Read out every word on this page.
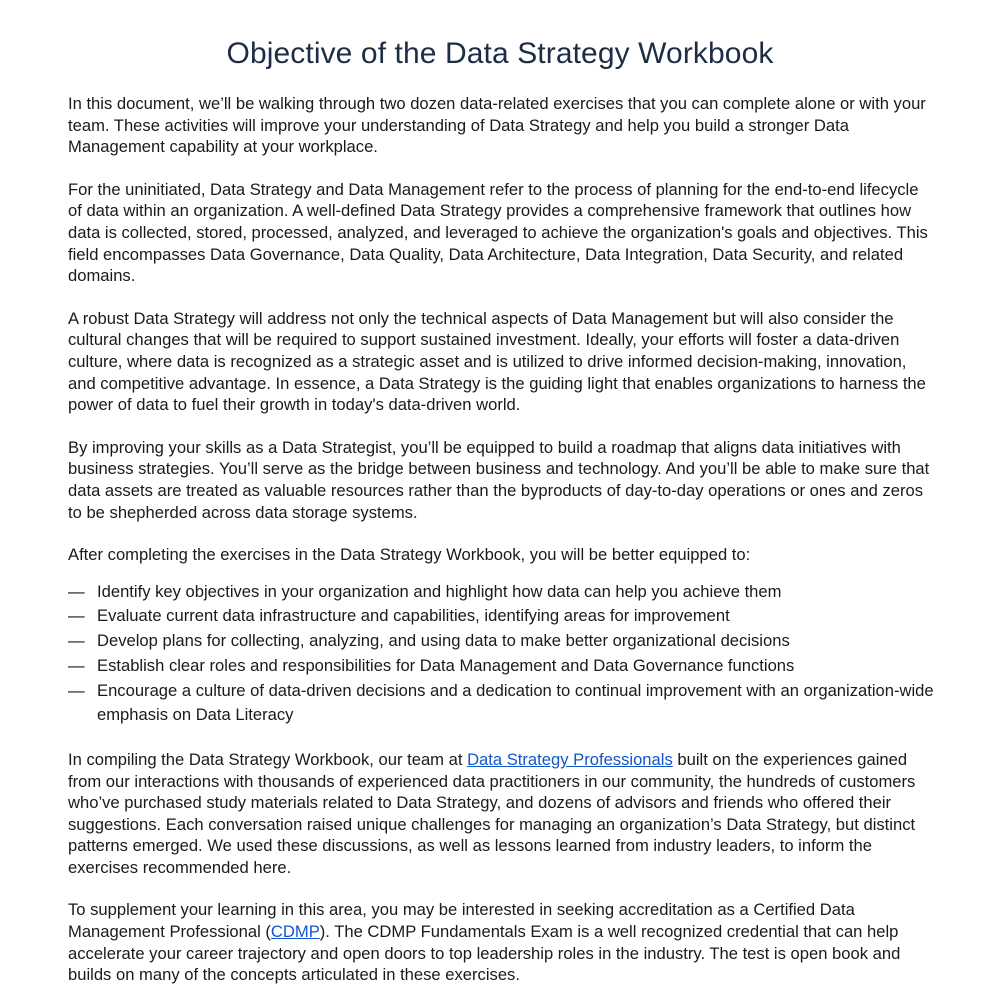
Objective of the Data Strategy Workbook

In this document, we’ll be walking through two dozen data-related exercises that you can complete alone or with your team. These activities will improve your understanding of Data Strategy and help you build a stronger Data Management capability at your workplace.

For the uninitiated, Data Strategy and Data Management refer to the process of planning for the end-to-end lifecycle of data within an organization. A well-defined Data Strategy provides a comprehensive framework that outlines how data is collected, stored, processed, analyzed, and leveraged to achieve the organization's goals and objectives. This field encompasses Data Governance, Data Quality, Data Architecture, Data Integration, Data Security, and related domains.

A robust Data Strategy will address not only the technical aspects of Data Management but will also consider the cultural changes that will be required to support sustained investment. Ideally, your efforts will foster a data-driven culture, where data is recognized as a strategic asset and is utilized to drive informed decision-making, innovation, and competitive advantage. In essence, a Data Strategy is the guiding light that enables organizations to harness the power of data to fuel their growth in today's data-driven world.

By improving your skills as a Data Strategist, you’ll be equipped to build a roadmap that aligns data initiatives with business strategies. You’ll serve as the bridge between business and technology. And you’ll be able to make sure that data assets are treated as valuable resources rather than the byproducts of day-to-day operations or ones and zeros to be shepherded across data storage systems.

After completing the exercises in the Data Strategy Workbook, you will be better equipped to:

— Identify key objectives in your organization and highlight how data can help you achieve them
— Evaluate current data infrastructure and capabilities, identifying areas for improvement
— Develop plans for collecting, analyzing, and using data to make better organizational decisions
— Establish clear roles and responsibilities for Data Management and Data Governance functions
— Encourage a culture of data-driven decisions and a dedication to continual improvement with an organization-wide emphasis on Data Literacy

In compiling the Data Strategy Workbook, our team at Data Strategy Professionals built on the experiences gained from our interactions with thousands of experienced data practitioners in our community, the hundreds of customers who’ve purchased study materials related to Data Strategy, and dozens of advisors and friends who offered their suggestions. Each conversation raised unique challenges for managing an organization’s Data Strategy, but distinct patterns emerged. We used these discussions, as well as lessons learned from industry leaders, to inform the exercises recommended here.

To supplement your learning in this area, you may be interested in seeking accreditation as a Certified Data Management Professional (CDMP). The CDMP Fundamentals Exam is a well recognized credential that can help accelerate your career trajectory and open doors to top leadership roles in the industry. The test is open book and builds on many of the concepts articulated in these exercises.
